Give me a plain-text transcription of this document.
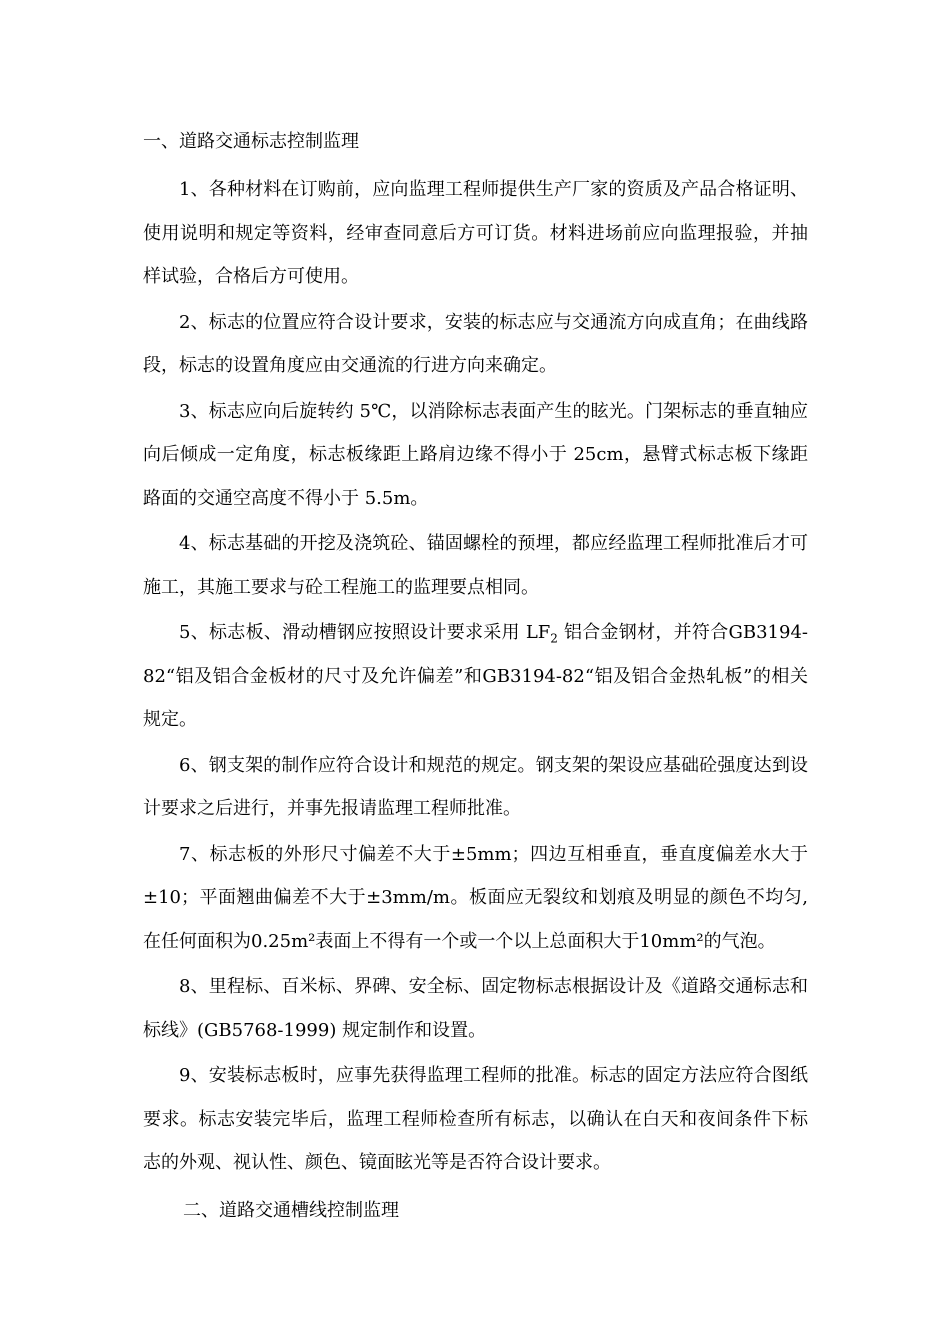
一、道路交通标志控制监理

1、各种材料在订购前，应向监理工程师提供生产厂家的资质及产品合格证明、使用说明和规定等资料，经审查同意后方可订货。材料进场前应向监理报验，并抽样试验，合格后方可使用。

2、标志的位置应符合设计要求，安装的标志应与交通流方向成直角；在曲线路段，标志的设置角度应由交通流的行进方向来确定。

3、标志应向后旋转约 5℃，以消除标志表面产生的眩光。门架标志的垂直轴应向后倾成一定角度，标志板缘距上路肩边缘不得小于 25cm，悬臂式标志板下缘距路面的交通空高度不得小于 5.5m。

4、标志基础的开挖及浇筑砼、锚固螺栓的预埋，都应经监理工程师批准后才可施工，其施工要求与砼工程施工的监理要点相同。

5、标志板、滑动槽钢应按照设计要求采用 $LF_2$ 铝合金钢材，并符合GB3194-82“铝及铝合金板材的尺寸及允许偏差”和GB3194-82“铝及铝合金热轧板”的相关规定。

6、钢支架的制作应符合设计和规范的规定。钢支架的架设应基础砼强度达到设计要求之后进行，并事先报请监理工程师批准。

7、标志板的外形尺寸偏差不大于±5mm；四边互相垂直，垂直度偏差水大于±10；平面翘曲偏差不大于±3mm/m。板面应无裂纹和划痕及明显的颜色不均匀,在任何面积为0.25m²表面上不得有一个或一个以上总面积大于10mm²的气泡。

8、里程标、百米标、界碑、安全标、固定物标志根据设计及《道路交通标志和标线》(GB5768-1999) 规定制作和设置。

9、安装标志板时，应事先获得监理工程师的批准。标志的固定方法应符合图纸要求。标志安装完毕后，监理工程师检查所有标志，以确认在白天和夜间条件下标志的外观、视认性、颜色、镜面眩光等是否符合设计要求。

二、道路交通槽线控制监理
